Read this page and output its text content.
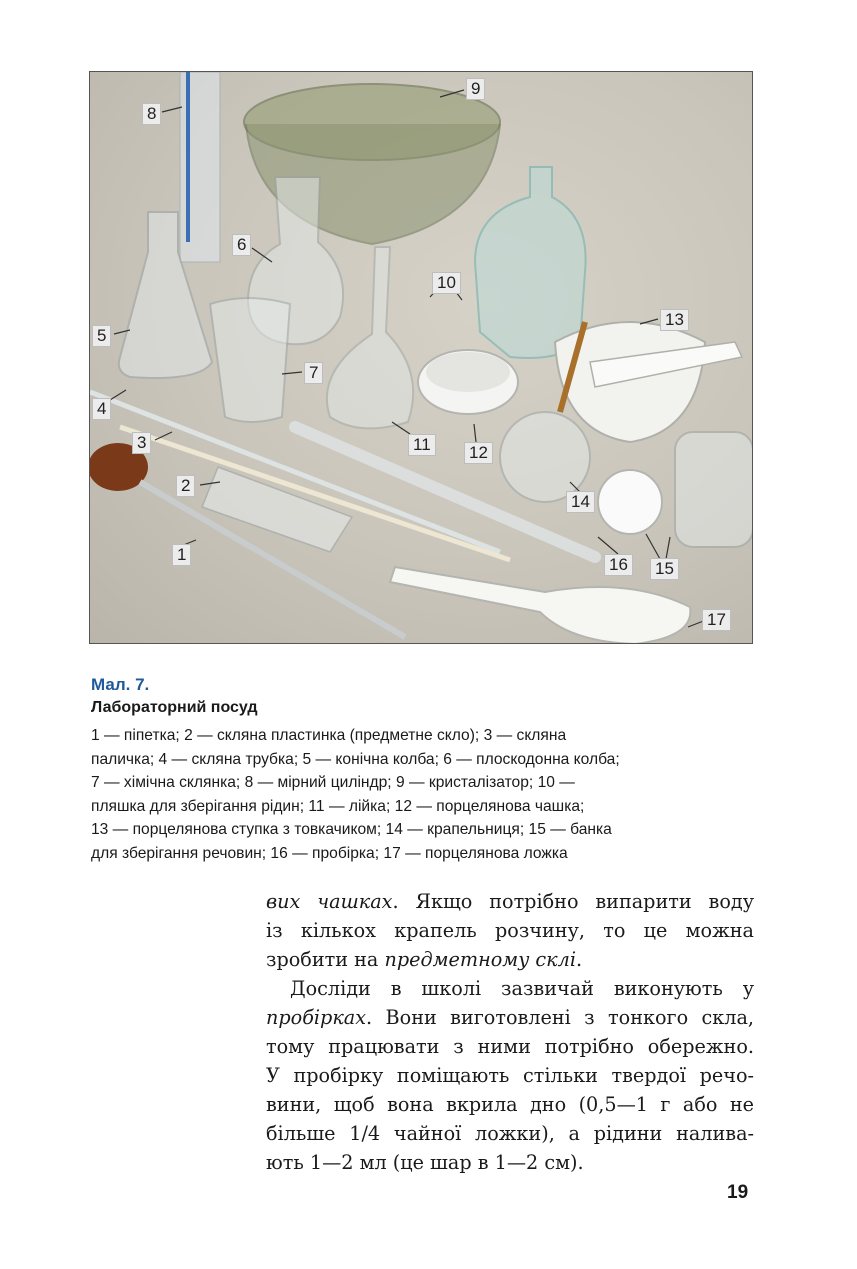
8
9
6
10
13
5
7
4
3	11 12
2
14
1
16 15
17
Мал. 7.
Лабораторний посуд
1 — піпетка; 2 — скляна пластинка (предметне скло); 3 — скляна
паличка; 4 — скляна трубка; 5 — конічна колба; 6 — плоскодонна колба;
7 — хімічна склянка; 8 — мірний циліндр; 9 — кристалізатор; 10 —
пляшка для зберігання рідин; 11 — лійка; 12 — порцелянова чашка;
13 — порцелянова ступка з товкачиком; 14 — крапельниця; 15 — банка
для зберігання речовин; 16 — пробірка; 17 — порцелянова ложка
вих чашках. Якщо потрібно випарити воду
із кількох крапель розчину, то це можна
зробити на предметному склі.
Досліди в школі зазвичай виконують у
пробірках. Вони виготовлені з тонкого скла,
тому працювати з ними потрібно обережно.
У пробірку поміщають стільки твердої речо-
вини, щоб вона вкрила дно (0,5—1 г або не
більше 1/4 чайної ложки), а рідини налива-
ють 1—2 мл (це шар в 1—2 см).
19
